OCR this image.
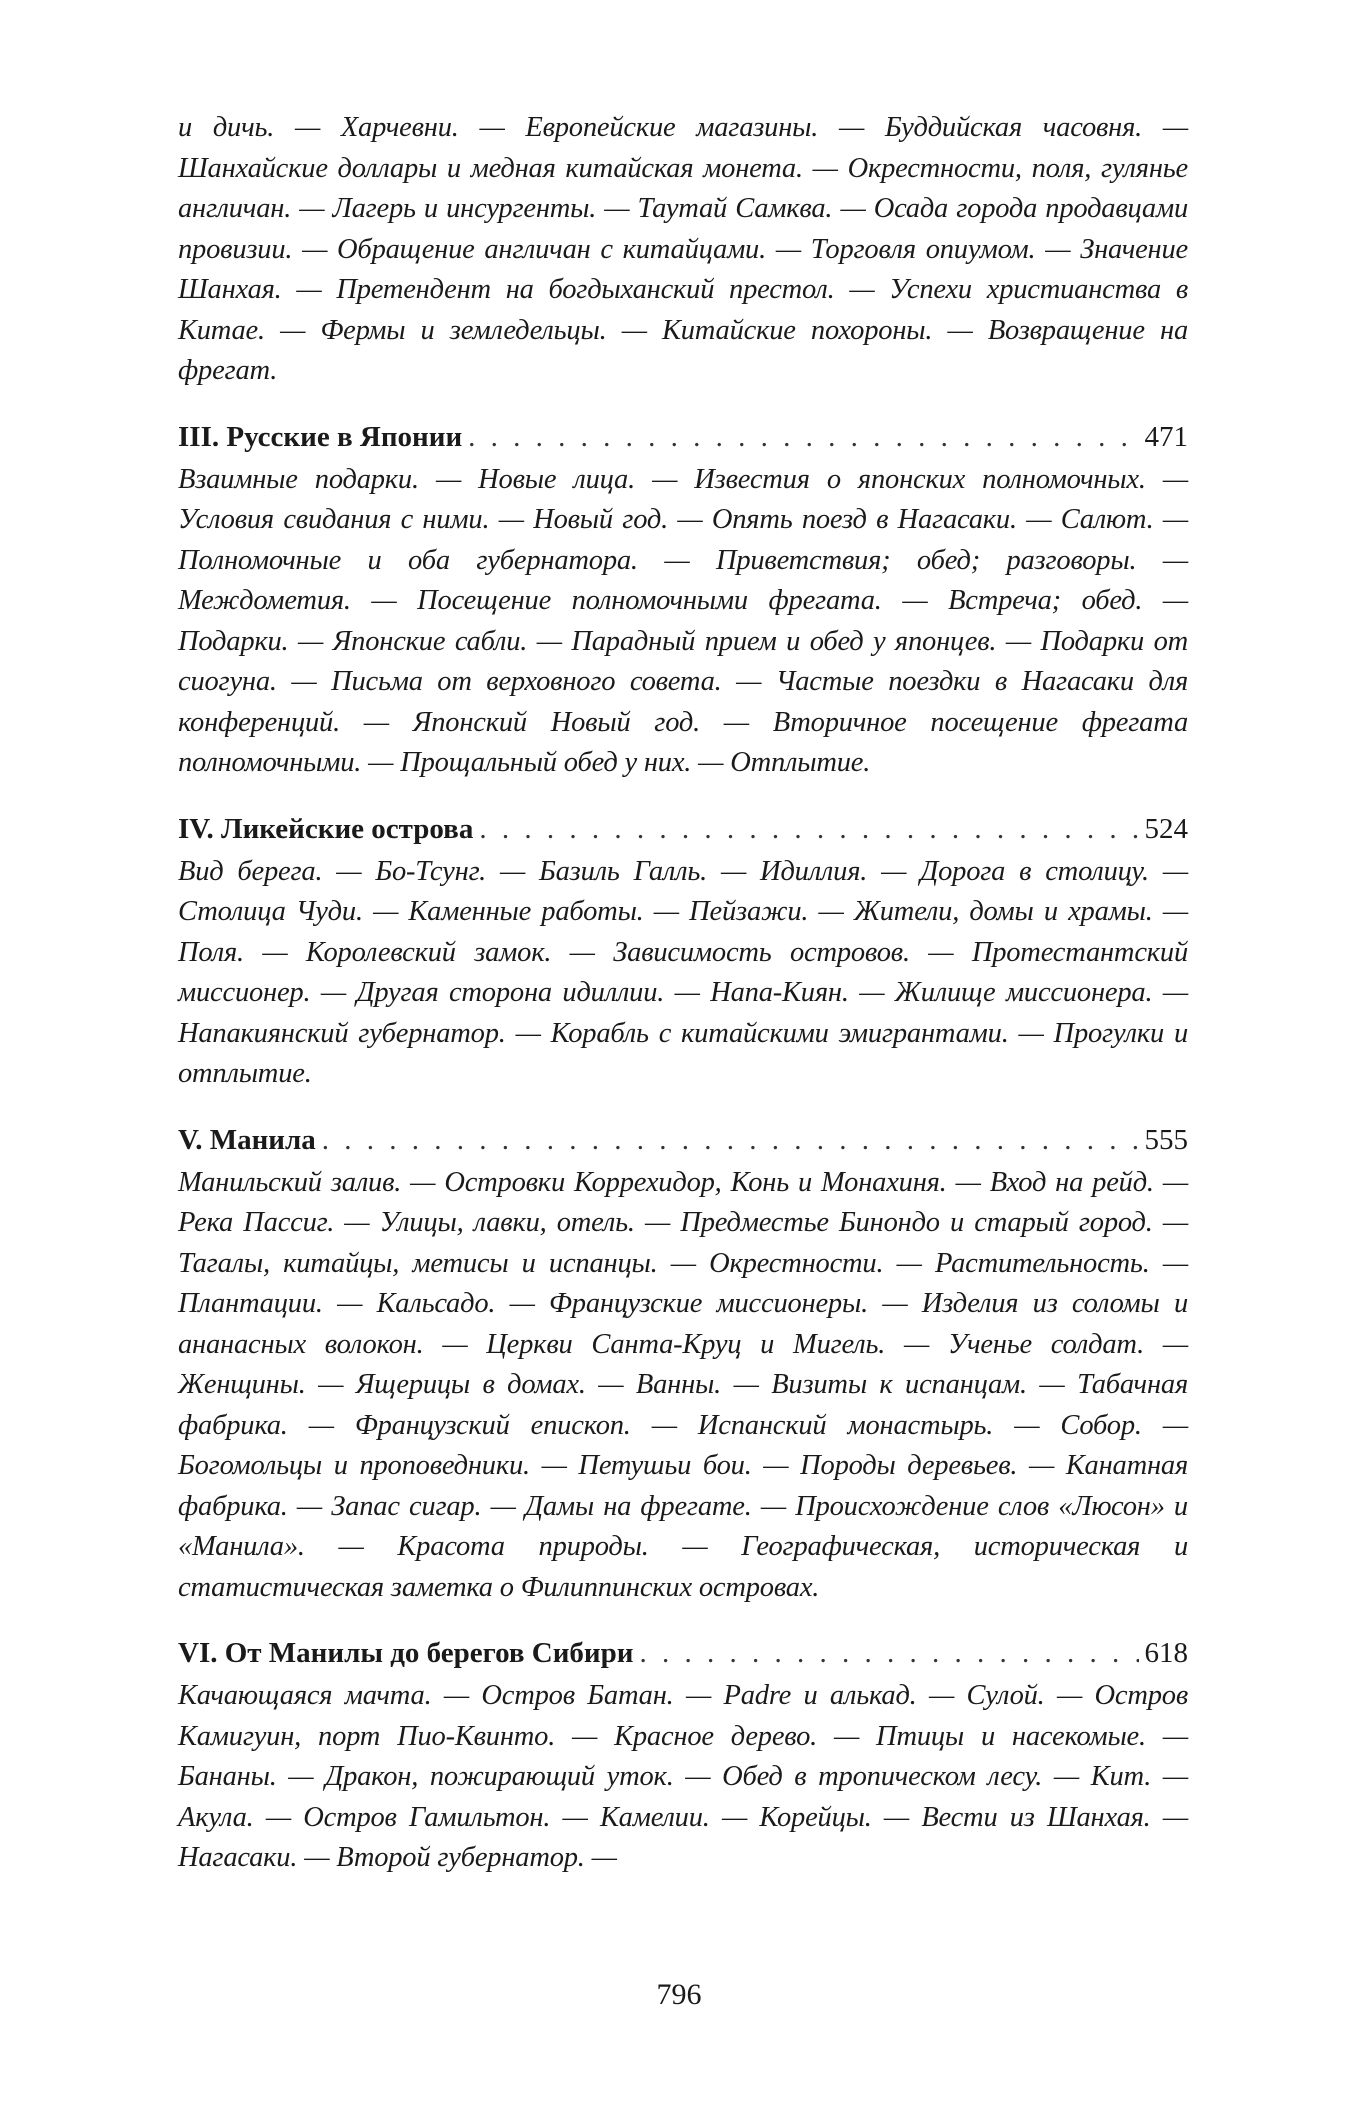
и дичь. — Харчевни. — Европейские магазины. — Буддийская часовня. — Шанхайские доллары и медная китайская монета. — Окрестности, поля, гулянье англичан. — Лагерь и инсургенты. — Таутай Самква. — Осада города продавцами провизии. — Обращение англичан с китайцами. — Торговля опиумом. — Значение Шанхая. — Претендент на богдыханский престол. — Успехи христианства в Китае. — Фермы и земледельцы. — Китайские похороны. — Возвращение на фрегат.

III. Русские в Японии . . .	471

Взаимные подарки. — Новые лица. — Известия о японских полномочных. — Условия свидания с ними. — Новый год. — Опять поезд в Нагасаки. — Салют. — Полномочные и оба губернатора. — Приветствия; обед; разговоры. — Междометия. — Посещение полномочными фрегата. — Встреча; обед. — Подарки. — Японские сабли. — Парадный прием и обед у японцев. — Подарки от сиогуна. — Письма от верховного совета. — Частые поездки в Нагасаки для конференций. — Японский Новый год. — Вторичное посещение фрегата полномочными. — Прощальный обед у них. — Отплытие.

IV. Ликейские острова . . .	524

Вид берега. — Бо-Тсунг. — Базиль Галль. — Идиллия. — Дорога в столицу. — Столица Чуди. — Каменные работы. — Пейзажи. — Жители, домы и храмы. — Поля. — Королевский замок. — Зависимость островов. — Протестантский миссионер. — Другая сторона идиллии. — Напа-Киян. — Жилище миссионера. — Напакиянский губернатор. — Корабль с китайскими эмигрантами. — Прогулки и отплытие.

V. Манила . . .	555

Манильский залив. — Островки Коррехидор, Конь и Монахиня. — Вход на рейд. — Река Пассиг. — Улицы, лавки, отель. — Предместье Бинондо и старый город. — Тагалы, китайцы, метисы и испанцы. — Окрестности. — Растительность. — Плантации. — Кальсадо. — Французские миссионеры. — Изделия из соломы и ананасных волокон. — Церкви Санта-Круц и Мигель. — Ученье солдат. — Женщины. — Ящерицы в домах. — Ванны. — Визиты к испанцам. — Табачная фабрика. — Французский епископ. — Испанский монастырь. — Собор. — Богомольцы и проповедники. — Петушьи бои. — Породы деревьев. — Канатная фабрика. — Запас сигар. — Дамы на фрегате. — Происхождение слов «Люсон» и «Манила». — Красота природы. — Географическая, историческая и статистическая заметка о Филиппинских островах.

VI. От Манилы до берегов Сибири . . .	618

Качающаяся мачта. — Остров Батан. — Padre и алькад. — Сулой. — Остров Камигуин, порт Пио-Квинто. — Красное дерево. — Птицы и насекомые. — Бананы. — Дракон, пожирающий уток. — Обед в тропическом лесу. — Кит. — Акула. — Остров Гамильтон. — Камелии. — Корейцы. — Вести из Шанхая. — Нагасаки. — Второй губернатор. —

796
